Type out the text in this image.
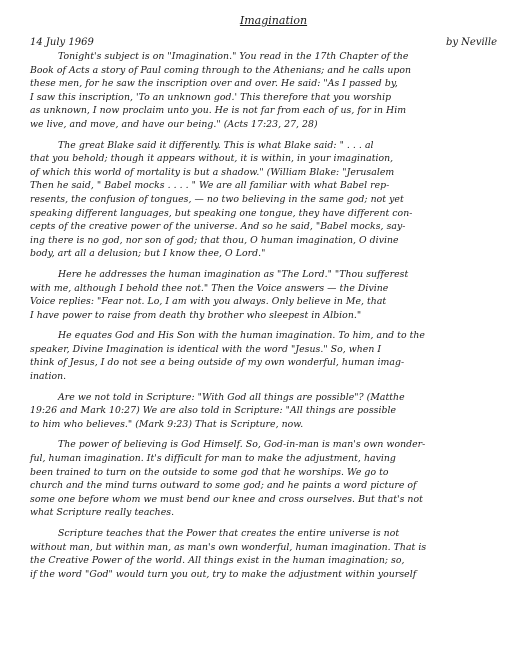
Imagination
14 July 1969	by Neville

Tonight's subject is on "Imagination." You read in the 17th Chapter of the
Book of Acts a story of Paul coming through to the Athenians; and he calls upon
these men, for he saw the inscription over and over. He said: "As I passed by,
I saw this inscription, 'To an unknown god.' This therefore that you worship
as unknown, I now proclaim unto you. He is not far from each of us, for in Him
we live, and move, and have our being." (Acts 17:23, 27, 28)

The great Blake said it differently. This is what Blake said: " . . . al
that you behold; though it appears without, it is within, in your imagination,
of which this world of mortality is but a shadow." (William Blake: "Jerusalem
Then he said, " Babel mocks . . . . " We are all familiar with what Babel rep-
resents, the confusion of tongues, — no two believing in the same god; not yet
speaking different languages, but speaking one tongue, they have different con-
cepts of the creative power of the universe. And so he said, "Babel mocks, say-
ing there is no god, nor son of god; that thou, O human imagination, O divine
body, art all a delusion; but I know thee, O Lord."

Here he addresses the human imagination as "The Lord." "Thou sufferest
with me, although I behold thee not." Then the Voice answers — the Divine
Voice replies: "Fear not. Lo, I am with you always. Only believe in Me, that
I have power to raise from death thy brother who sleepest in Albion."

He equates God and His Son with the human imagination. To him, and to the
speaker, Divine Imagination is identical with the word "Jesus." So, when I
think of Jesus, I do not see a being outside of my own wonderful, human imag-
ination.

Are we not told in Scripture: "With God all things are possible"? (Matthe
19:26 and Mark 10:27) We are also told in Scripture: "All things are possible
to him who believes." (Mark 9:23) That is Scripture, now.

The power of believing is God Himself. So, God-in-man is man's own wonder-
ful, human imagination. It's difficult for man to make the adjustment, having
been trained to turn on the outside to some god that he worships. We go to
church and the mind turns outward to some god; and he paints a word picture of
some one before whom we must bend our knee and cross ourselves. But that's not
what Scripture really teaches.

Scripture teaches that the Power that creates the entire universe is not
without man, but within man, as man's own wonderful, human imagination. That is
the Creative Power of the world. All things exist in the human imagination; so,
if the word "God" would turn you out, try to make the adjustment within yourself
